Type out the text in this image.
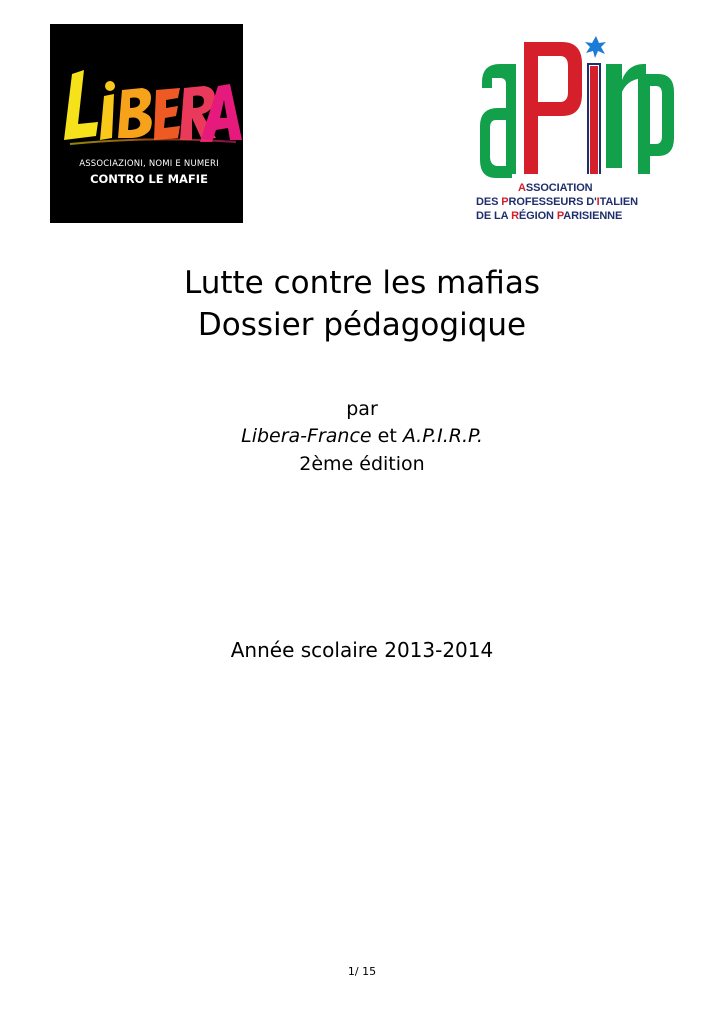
ASSOCIAZIONI, NOMI E NUMERI
CONTRO LE MAFIE
ASSOCIATION
DES PROFESSEURS D'ITALIEN
DE LA RÉGION PARISIENNE
Lutte contre les mafias
Dossier pédagogique
par
Libera-France et A.P.I.R.P.
2ème édition
Année scolaire 2013-2014
1/ 15
